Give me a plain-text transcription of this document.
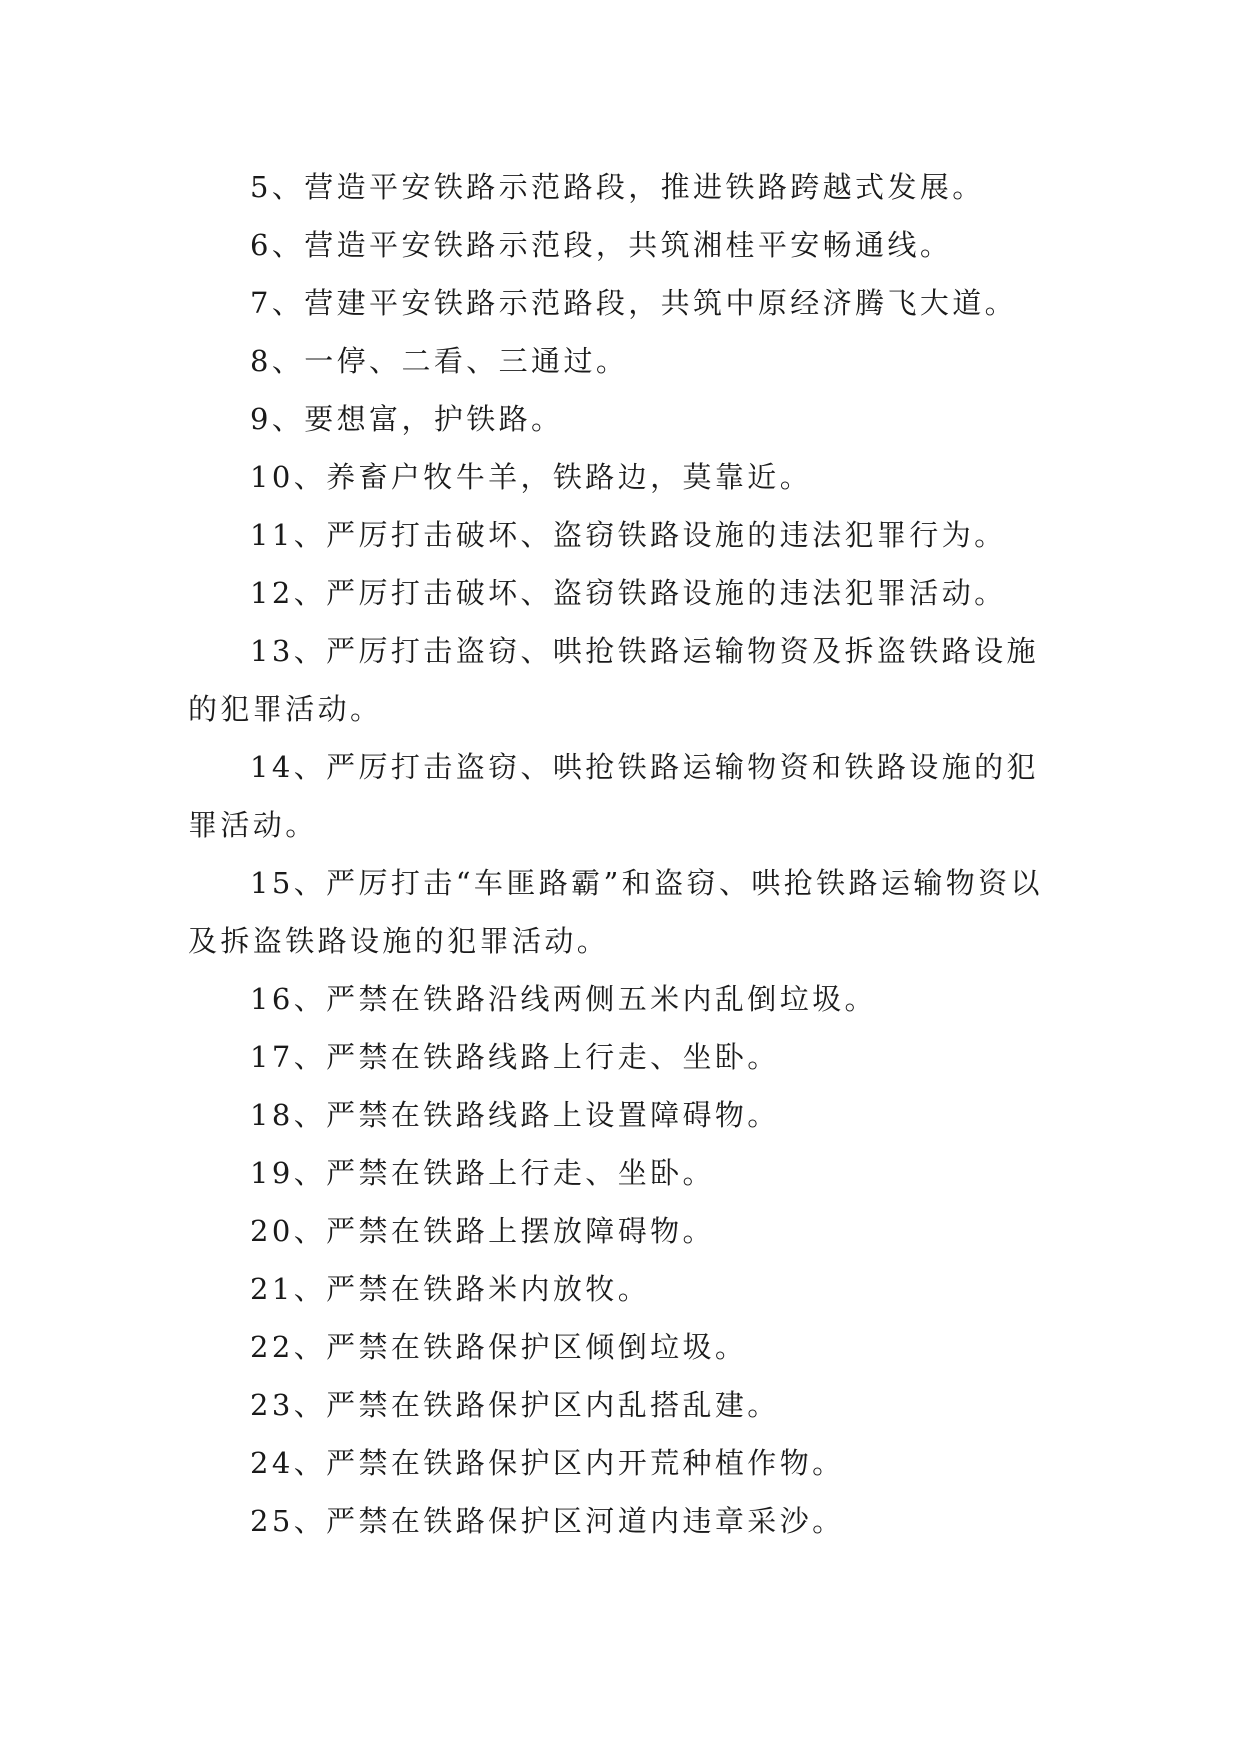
5、营造平安铁路示范路段，推进铁路跨越式发展。

6、营造平安铁路示范段，共筑湘桂平安畅通线。

7、营建平安铁路示范路段，共筑中原经济腾飞大道。

8、一停、二看、三通过。

9、要想富，护铁路。

10、养畜户牧牛羊，铁路边，莫靠近。

11、严厉打击破坏、盗窃铁路设施的违法犯罪行为。

12、严厉打击破坏、盗窃铁路设施的违法犯罪活动。

13、严厉打击盗窃、哄抢铁路运输物资及拆盗铁路设施的犯罪活动。

14、严厉打击盗窃、哄抢铁路运输物资和铁路设施的犯罪活动。

15、严厉打击“车匪路霸”和盗窃、哄抢铁路运输物资以及拆盗铁路设施的犯罪活动。

16、严禁在铁路沿线两侧五米内乱倒垃圾。

17、严禁在铁路线路上行走、坐卧。

18、严禁在铁路线路上设置障碍物。

19、严禁在铁路上行走、坐卧。

20、严禁在铁路上摆放障碍物。

21、严禁在铁路米内放牧。

22、严禁在铁路保护区倾倒垃圾。

23、严禁在铁路保护区内乱搭乱建。

24、严禁在铁路保护区内开荒种植作物。

25、严禁在铁路保护区河道内违章采沙。
